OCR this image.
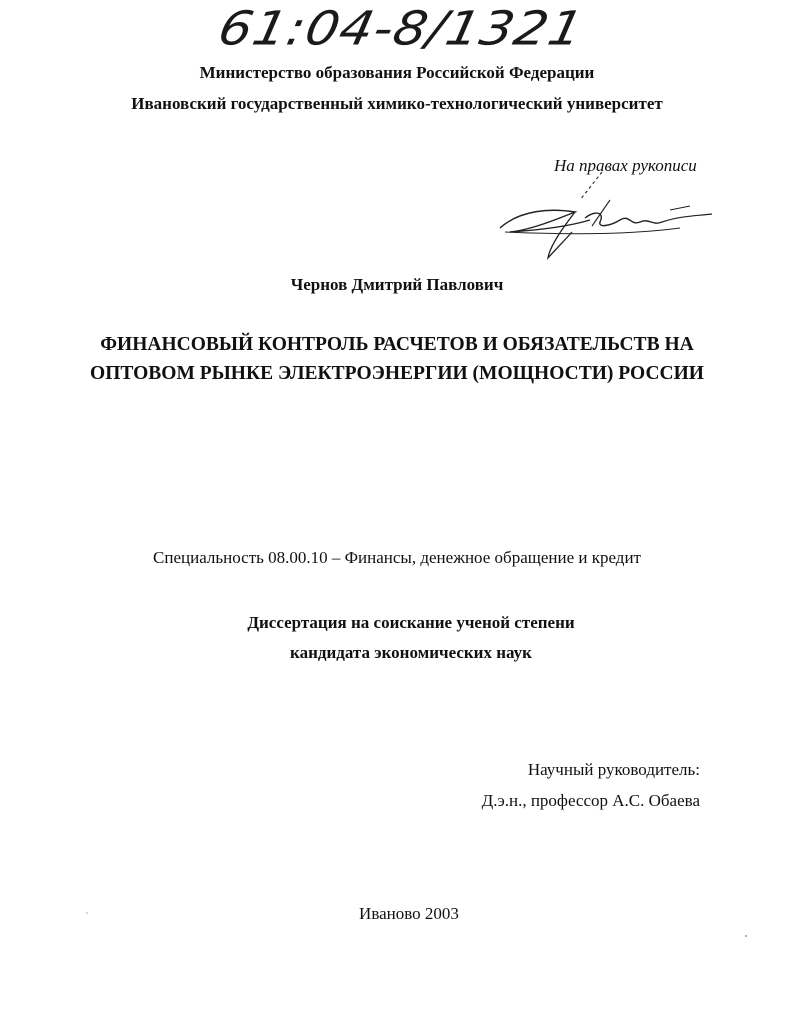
61:04-8/1321
Министерство образования Российской Федерации
Ивановский государственный химико-технологический университет
На правах рукописи
Чернов Дмитрий Павлович
ФИНАНСОВЫЙ КОНТРОЛЬ РАСЧЕТОВ И ОБЯЗАТЕЛЬСТВ НА
ОПТОВОМ РЫНКЕ ЭЛЕКТРОЭНЕРГИИ (МОЩНОСТИ) РОССИИ
Специальность 08.00.10 – Финансы, денежное обращение и кредит
Диссертация на соискание ученой степени
кандидата экономических наук
Научный руководитель:
Д.э.н., профессор А.С. Обаева
Иваново 2003
